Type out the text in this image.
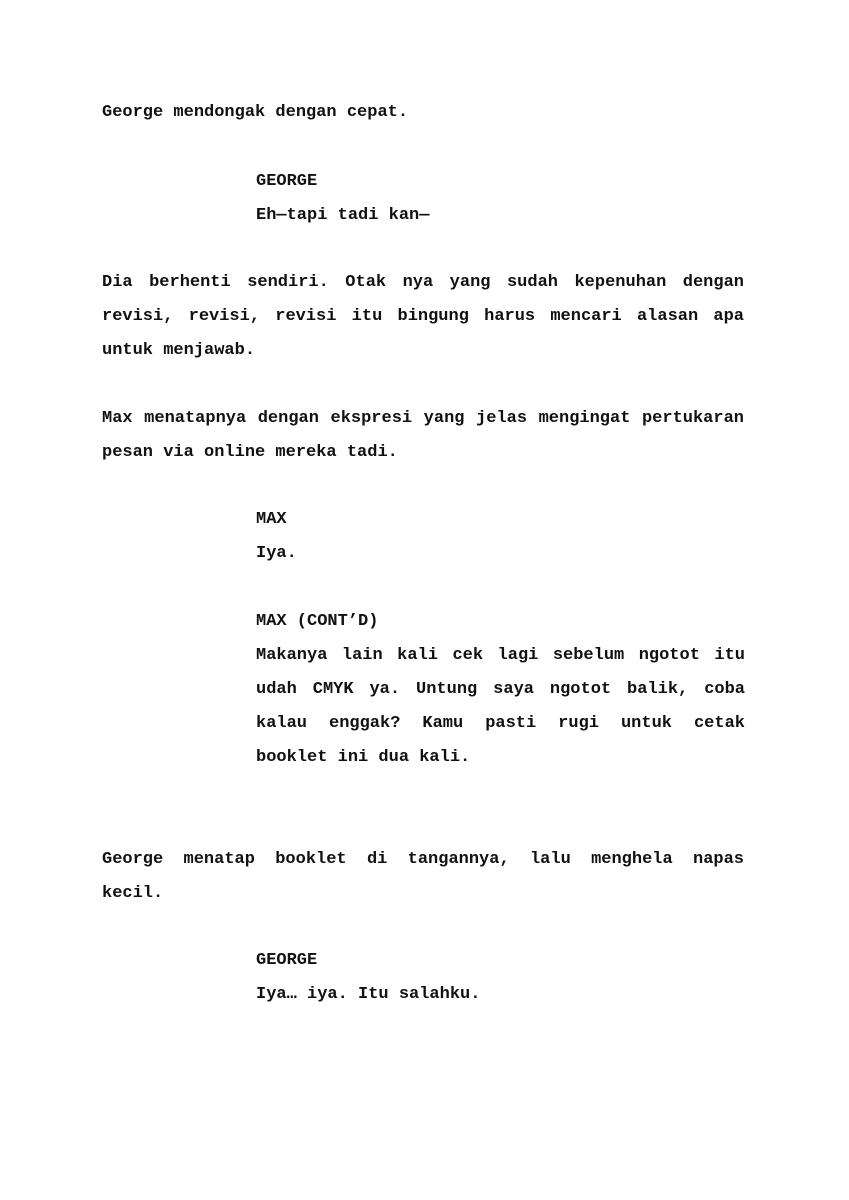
George mendongak dengan cepat.

GEORGE

Eh—tapi tadi kan—

Dia berhenti sendiri. Otak nya yang sudah kepenuhan dengan revisi, revisi, revisi itu bingung harus mencari alasan apa untuk menjawab.

Max menatapnya dengan ekspresi yang jelas mengingat pertukaran pesan via online mereka tadi.

MAX

Iya.

MAX (CONT’D)

Makanya lain kali cek lagi sebelum ngotot itu udah CMYK ya. Untung saya ngotot balik, coba kalau enggak? Kamu pasti rugi untuk cetak booklet ini dua kali.

George menatap booklet di tangannya, lalu menghela napas kecil.

GEORGE

Iya… iya. Itu salahku.
